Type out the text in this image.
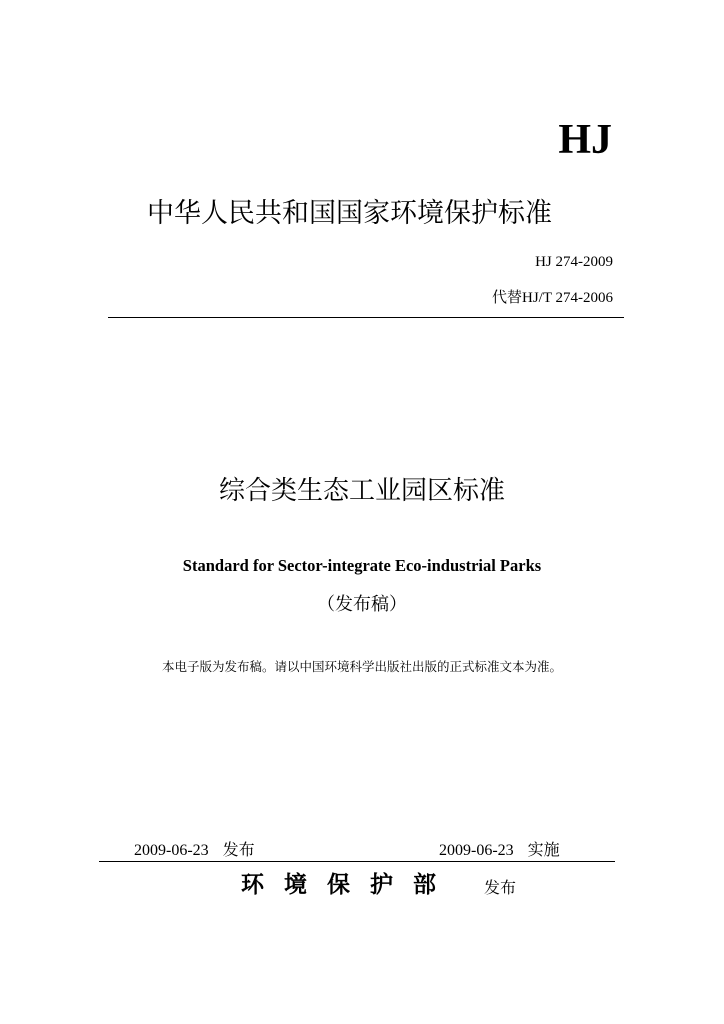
HJ
中华人民共和国国家环境保护标准
HJ 274-2009
代替HJ/T 274-2006
综合类生态工业园区标准
Standard for Sector-integrate Eco-industrial Parks
（发布稿）
本电子版为发布稿。请以中国环境科学出版社出版的正式标准文本为准。
2009-06-23 发布	2009-06-23 实施
环境保护部 发布
